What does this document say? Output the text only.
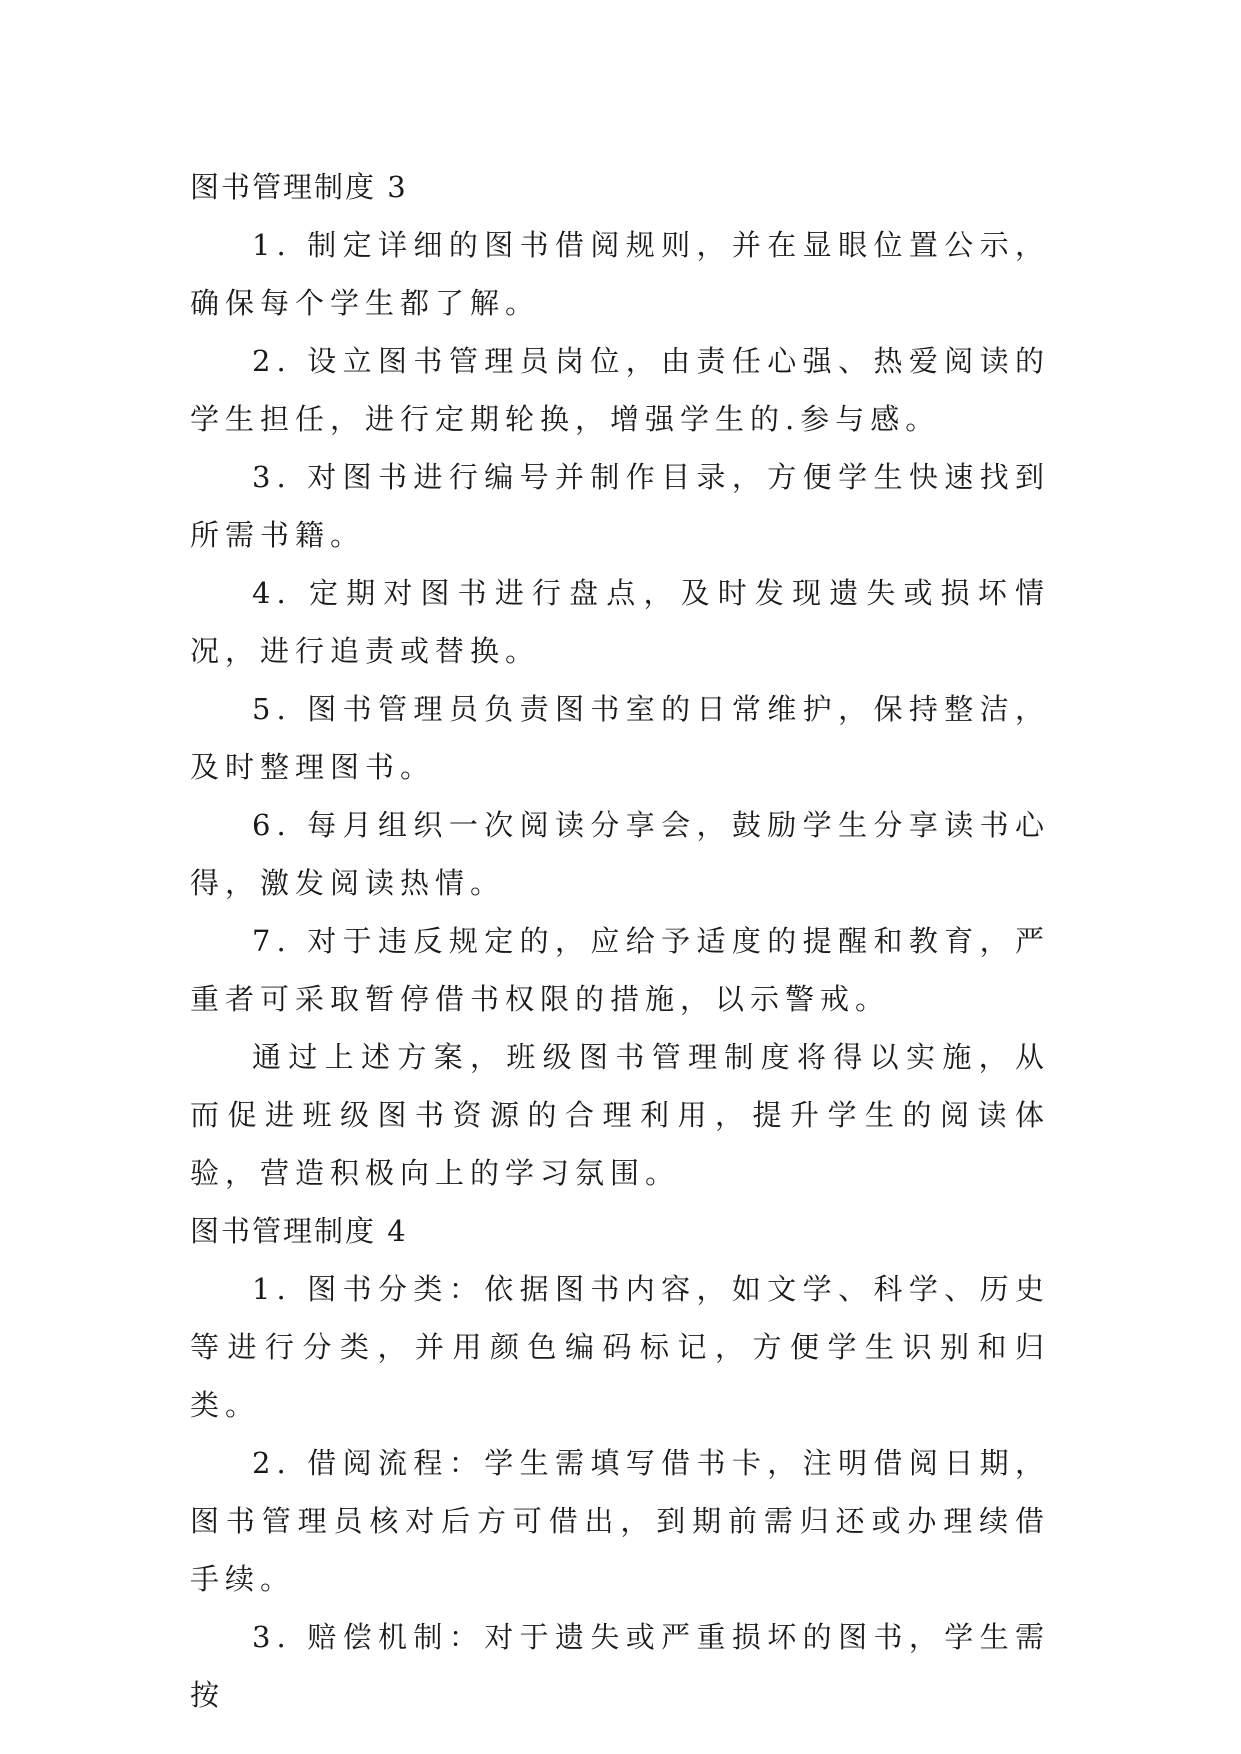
图书管理制度 3

1. 制定详细的图书借阅规则，并在显眼位置公示，确保每个学生都了解。

2. 设立图书管理员岗位，由责任心强、热爱阅读的学生担任，进行定期轮换，增强学生的.参与感。

3. 对图书进行编号并制作目录，方便学生快速找到所需书籍。

4. 定期对图书进行盘点，及时发现遗失或损坏情况，进行追责或替换。

5. 图书管理员负责图书室的日常维护，保持整洁，及时整理图书。

6. 每月组织一次阅读分享会，鼓励学生分享读书心得，激发阅读热情。

7. 对于违反规定的，应给予适度的提醒和教育，严重者可采取暂停借书权限的措施，以示警戒。

通过上述方案，班级图书管理制度将得以实施，从而促进班级图书资源的合理利用，提升学生的阅读体验，营造积极向上的学习氛围。

图书管理制度 4

1. 图书分类：依据图书内容，如文学、科学、历史等进行分类，并用颜色编码标记，方便学生识别和归类。

2. 借阅流程：学生需填写借书卡，注明借阅日期，图书管理员核对后方可借出，到期前需归还或办理续借手续。

3. 赔偿机制：对于遗失或严重损坏的图书，学生需按
